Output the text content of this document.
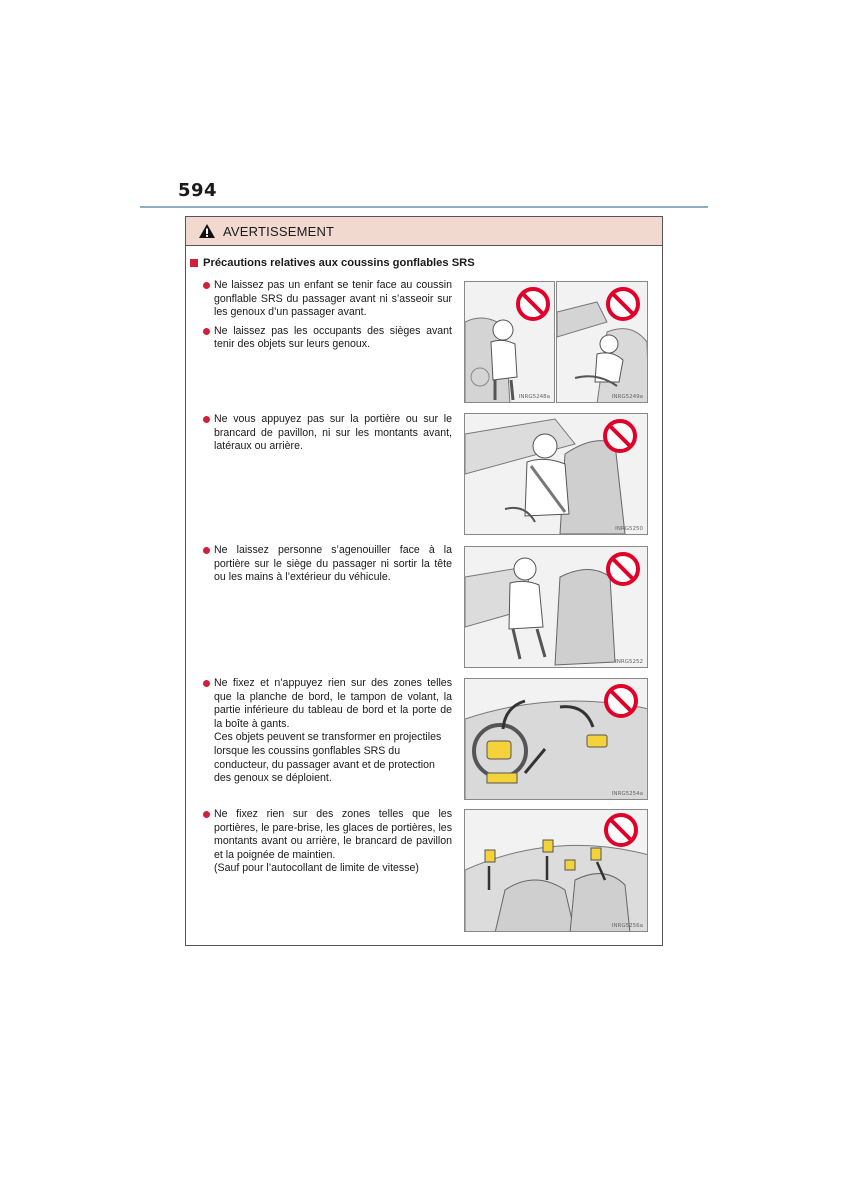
594
AVERTISSEMENT
Précautions relatives aux coussins gonflables SRS

Ne laissez pas un enfant se tenir face au coussin gonflable SRS du passager avant ni s’asseoir sur les genoux d’un passager avant.

Ne laissez pas les occupants des sièges avant tenir des objets sur leurs genoux.

Ne vous appuyez pas sur la portière ou sur le brancard de pavillon, ni sur les montants avant, latéraux ou arrière.

Ne laissez personne s’agenouiller face à la portière sur le siège du passager ni sortir la tête ou les mains à l’extérieur du véhicule.

Ne fixez et n’appuyez rien sur des zones telles que la planche de bord, le tampon de volant, la partie inférieure du tableau de bord et la porte de la boîte à gants.

Ces objets peuvent se transformer en projectiles lorsque les coussins gonflables SRS du conducteur, du passager avant et de protection des genoux se déploient.

Ne fixez rien sur des zones telles que les portières, le pare-brise, les glaces de portières, les montants avant ou arrière, le brancard de pavillon et la poignée de maintien.

(Sauf pour l’autocollant de limite de vitesse)

INRG5248a	INRG5249a
INRG5250
INRG5252
INRG5254a
INRG5256a
